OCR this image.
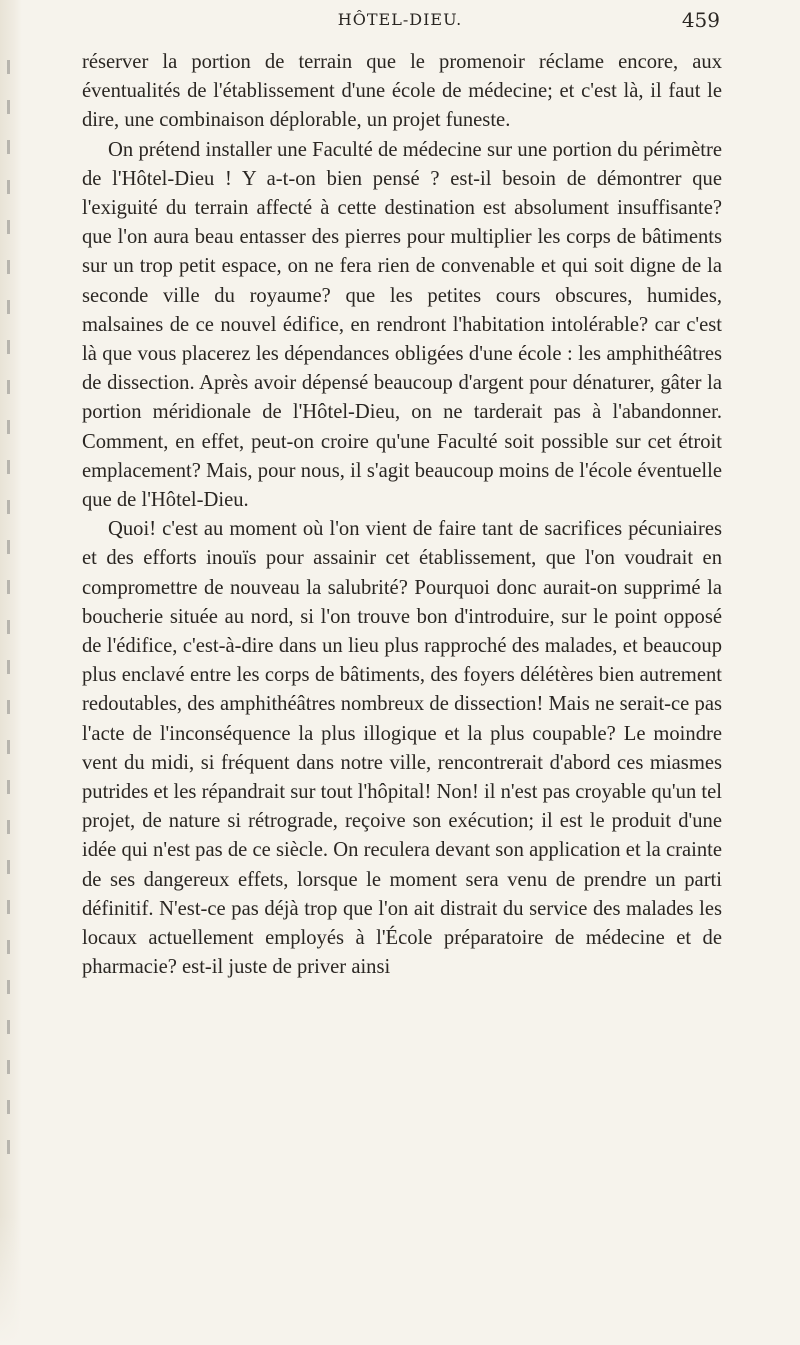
HÔTEL-DIEU.	459

réserver la portion de terrain que le promenoir réclame encore, aux éventualités de l'établissement d'une école de médecine; et c'est là, il faut le dire, une combinaison déplorable, un projet funeste.

On prétend installer une Faculté de médecine sur une portion du périmètre de l'Hôtel-Dieu ! Y a-t-on bien pensé ? est-il besoin de démontrer que l'exiguité du terrain affecté à cette destination est absolument insuffisante? que l'on aura beau entasser des pierres pour multiplier les corps de bâtiments sur un trop petit espace, on ne fera rien de convenable et qui soit digne de la seconde ville du royaume? que les petites cours obscures, humides, malsaines de ce nouvel édifice, en rendront l'habitation intolérable? car c'est là que vous placerez les dépendances obligées d'une école : les amphithéâtres de dissection. Après avoir dépensé beaucoup d'argent pour dénaturer, gâter la portion méridionale de l'Hôtel-Dieu, on ne tarderait pas à l'abandonner. Comment, en effet, peut-on croire qu'une Faculté soit possible sur cet étroit emplacement? Mais, pour nous, il s'agit beaucoup moins de l'école éventuelle que de l'Hôtel-Dieu.

Quoi! c'est au moment où l'on vient de faire tant de sacrifices pécuniaires et des efforts inouïs pour assainir cet établissement, que l'on voudrait en compromettre de nouveau la salubrité? Pourquoi donc aurait-on supprimé la boucherie située au nord, si l'on trouve bon d'introduire, sur le point opposé de l'édifice, c'est-à-dire dans un lieu plus rapproché des malades, et beaucoup plus enclavé entre les corps de bâtiments, des foyers délétères bien autrement redoutables, des amphithéâtres nombreux de dissection! Mais ne serait-ce pas l'acte de l'inconséquence la plus illogique et la plus coupable? Le moindre vent du midi, si fréquent dans notre ville, rencontrerait d'abord ces miasmes putrides et les répandrait sur tout l'hôpital! Non! il n'est pas croyable qu'un tel projet, de nature si rétrograde, reçoive son exécution; il est le produit d'une idée qui n'est pas de ce siècle. On reculera devant son application et la crainte de ses dangereux effets, lorsque le moment sera venu de prendre un parti définitif. N'est-ce pas déjà trop que l'on ait distrait du service des malades les locaux actuellement employés à l'École préparatoire de médecine et de pharmacie? est-il juste de priver ainsi
